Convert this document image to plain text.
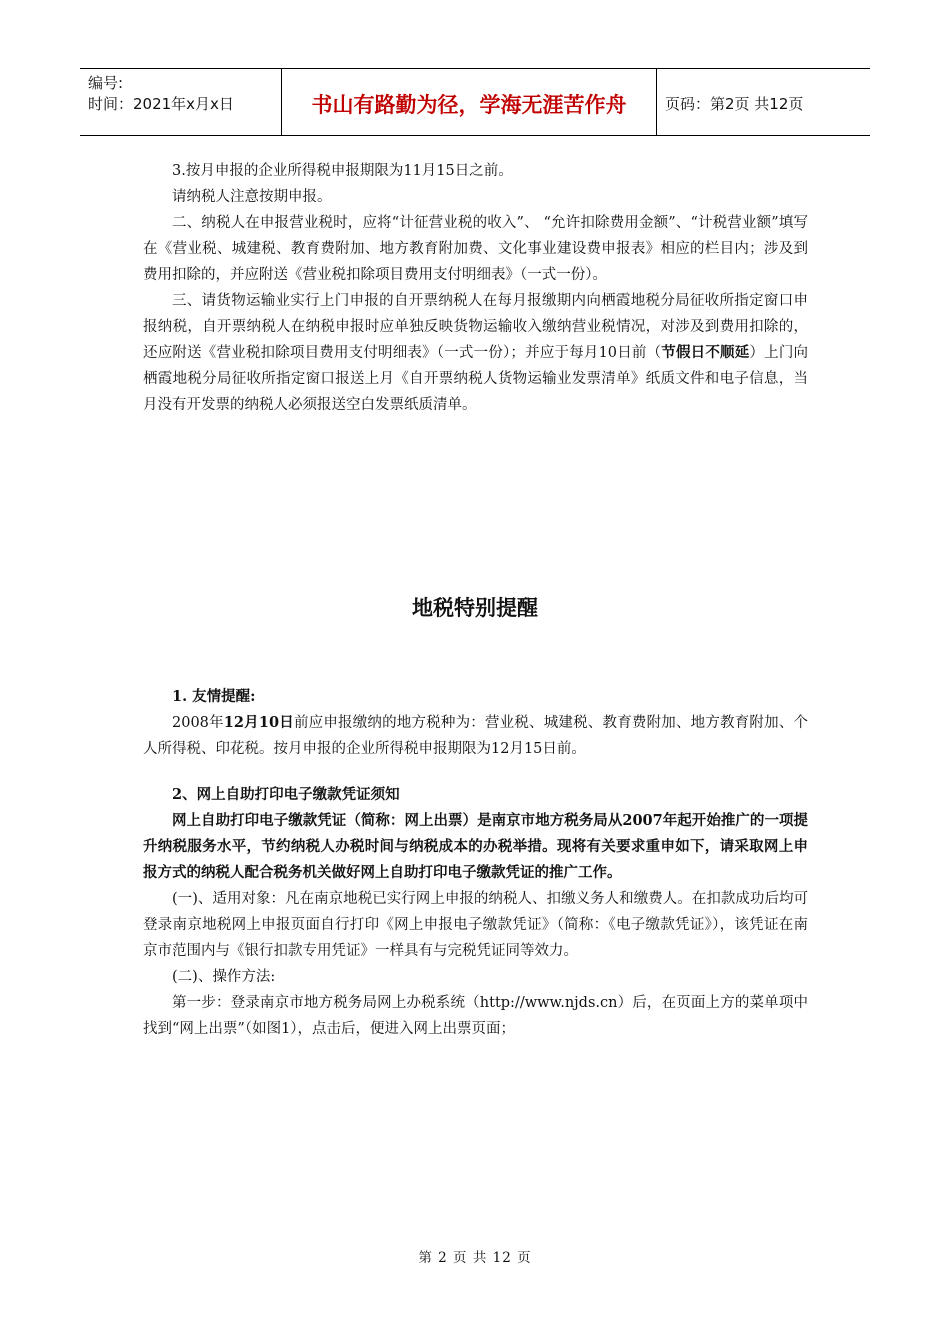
编号:
时间：2021年x月x日	书山有路勤为径，学海无涯苦作舟	页码：第2页 共12页

3.按月申报的企业所得税申报期限为11月15日之前。

请纳税人注意按期申报。

二、纳税人在申报营业税时，应将“计征营业税的收入”、 “允许扣除费用金额”、“计税营业额”填写在《营业税、城建税、教育费附加、地方教育附加费、文化事业建设费申报表》相应的栏目内；涉及到费用扣除的，并应附送《营业税扣除项目费用支付明细表》（一式一份）。

三、请货物运输业实行上门申报的自开票纳税人在每月报缴期内向栖霞地税分局征收所指定窗口申报纳税，自开票纳税人在纳税申报时应单独反映货物运输收入缴纳营业税情况，对涉及到费用扣除的，还应附送《营业税扣除项目费用支付明细表》（一式一份）；并应于每月10日前（节假日不顺延）上门向栖霞地税分局征收所指定窗口报送上月《自开票纳税人货物运输业发票清单》纸质文件和电子信息，当月没有开发票的纳税人必须报送空白发票纸质清单。

地税特别提醒

1. 友情提醒:

2008年12月10日前应申报缴纳的地方税种为：营业税、城建税、教育费附加、地方教育附加、个人所得税、印花税。按月申报的企业所得税申报期限为12月15日前。

2、网上自助打印电子缴款凭证须知

网上自助打印电子缴款凭证（简称：网上出票）是南京市地方税务局从2007年起开始推广的一项提升纳税服务水平，节约纳税人办税时间与纳税成本的办税举措。现将有关要求重申如下，请采取网上申报方式的纳税人配合税务机关做好网上自助打印电子缴款凭证的推广工作。

(一)、适用对象：凡在南京地税已实行网上申报的纳税人、扣缴义务人和缴费人。在扣款成功后均可登录南京地税网上申报页面自行打印《网上申报电子缴款凭证》（简称：《电子缴款凭证》），该凭证在南京市范围内与《银行扣款专用凭证》一样具有与完税凭证同等效力。

(二)、操作方法:

第一步：登录南京市地方税务局网上办税系统（http://www.njds.cn）后，在页面上方的菜单项中找到“网上出票”（如图1），点击后，便进入网上出票页面；

第 2 页 共 12 页
